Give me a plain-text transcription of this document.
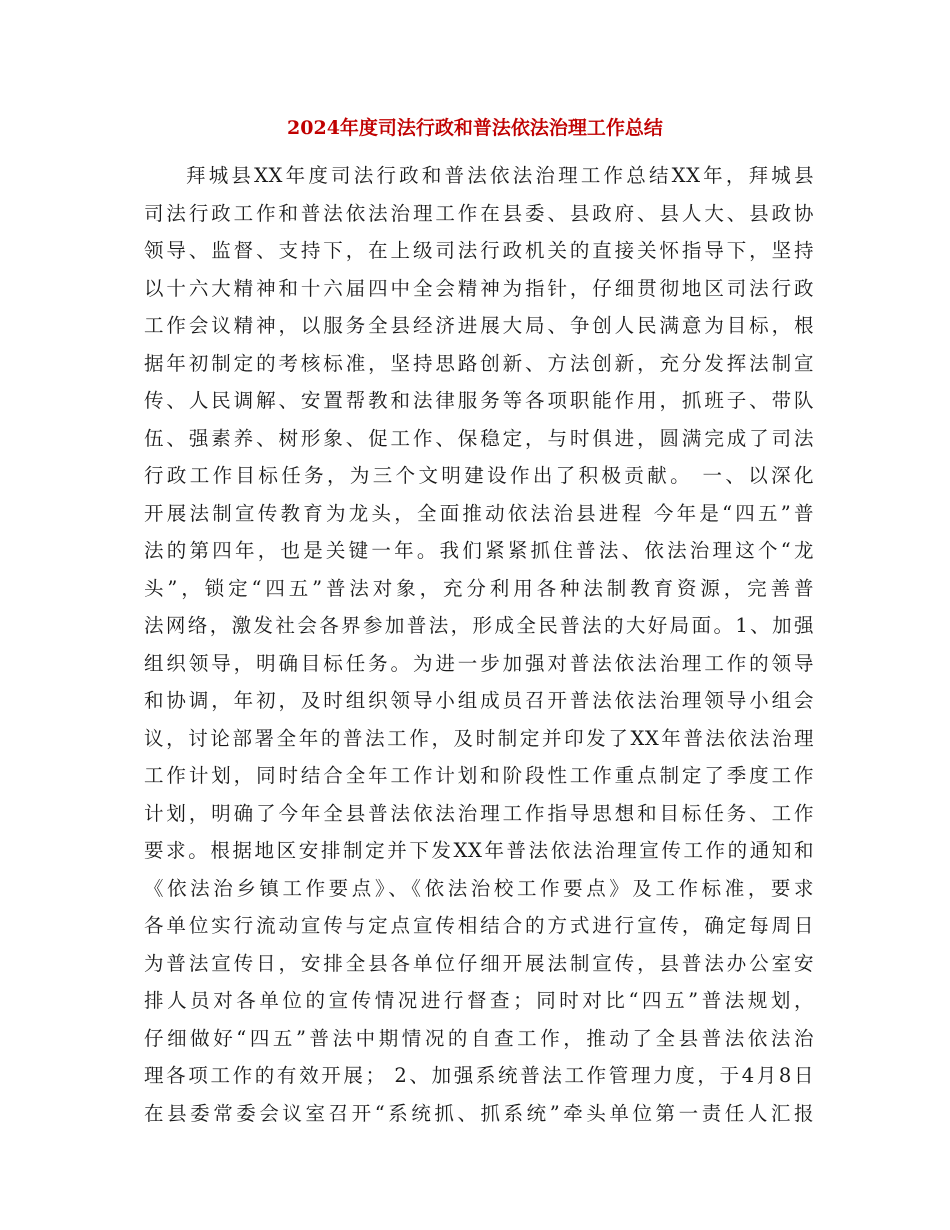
2024年度司法行政和普法依法治理工作总结
拜城县XX年度司法行政和普法依法治理工作总结XX年，拜城县
司法行政工作和普法依法治理工作在县委、县政府、县人大、县政协
领导、监督、支持下，在上级司法行政机关的直接关怀指导下，坚持
以十六大精神和十六届四中全会精神为指针，仔细贯彻地区司法行政
工作会议精神，以服务全县经济进展大局、争创人民满意为目标，根
据年初制定的考核标准，坚持思路创新、方法创新，充分发挥法制宣
传、人民调解、安置帮教和法律服务等各项职能作用，抓班子、带队
伍、强素养、树形象、促工作、保稳定，与时俱进，圆满完成了司法
行政工作目标任务，为三个文明建设作出了积极贡献。 一、以深化
开展法制宣传教育为龙头，全面推动依法治县进程 今年是“四五”普
法的第四年，也是关键一年。我们紧紧抓住普法、依法治理这个“龙
头”，锁定“四五”普法对象，充分利用各种法制教育资源，完善普
法网络，激发社会各界参加普法，形成全民普法的大好局面。1、加强
组织领导，明确目标任务。为进一步加强对普法依法治理工作的领导
和协调，年初，及时组织领导小组成员召开普法依法治理领导小组会
议，讨论部署全年的普法工作，及时制定并印发了XX年普法依法治理
工作计划，同时结合全年工作计划和阶段性工作重点制定了季度工作
计划，明确了今年全县普法依法治理工作指导思想和目标任务、工作
要求。根据地区安排制定并下发XX年普法依法治理宣传工作的通知和
《依法治乡镇工作要点》、《依法治校工作要点》及工作标准，要求
各单位实行流动宣传与定点宣传相结合的方式进行宣传，确定每周日
为普法宣传日，安排全县各单位仔细开展法制宣传，县普法办公室安
排人员对各单位的宣传情况进行督查；同时对比“四五”普法规划，
仔细做好“四五”普法中期情况的自查工作，推动了全县普法依法治
理各项工作的有效开展； 2、加强系统普法工作管理力度，于4月8日
在县委常委会议室召开“系统抓、抓系统”牵头单位第一责任人汇报
